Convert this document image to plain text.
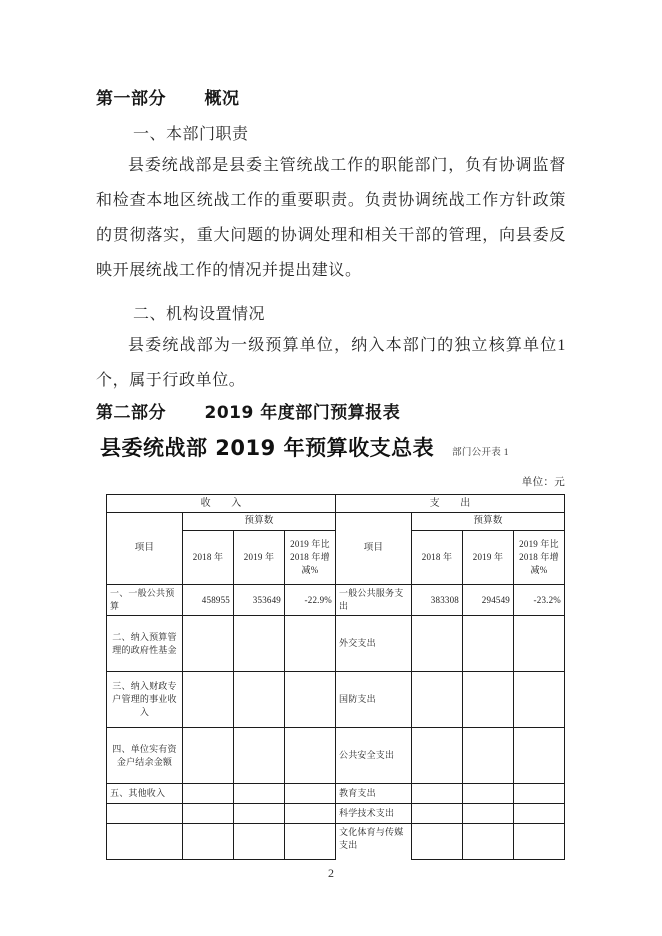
第一部分      概况
一、本部门职责
县委统战部是县委主管统战工作的职能部门，负有协调监督和检查本地区统战工作的重要职责。负责协调统战工作方针政策的贯彻落实，重大问题的协调处理和相关干部的管理，向县委反映开展统战工作的情况并提出建议。
二、机构设置情况
县委统战部为一级预算单位，纳入本部门的独立核算单位1个，属于行政单位。
第二部分      2019 年度部门预算报表
县委统战部 2019 年预算收支总表 部门公开表 1
单位：元
收　　入				支　　出			
项目	预算数			项目	预算数		
	2018 年	2019 年	2019 年比 2018 年增减%		2018 年	2019 年	2019 年比 2018 年增减%
一、一般公共预算	458955	353649	-22.9%	一般公共服务支出	383308	294549	-23.2%
二、纳入预算管理的政府性基金				外交支出			
三、纳入财政专户管理的事业收入				国防支出			
四、单位实有资金户结余金额				公共安全支出			
五、其他收入				教育支出			
				科学技术支出			
				文化体育与传媒支出			
2
